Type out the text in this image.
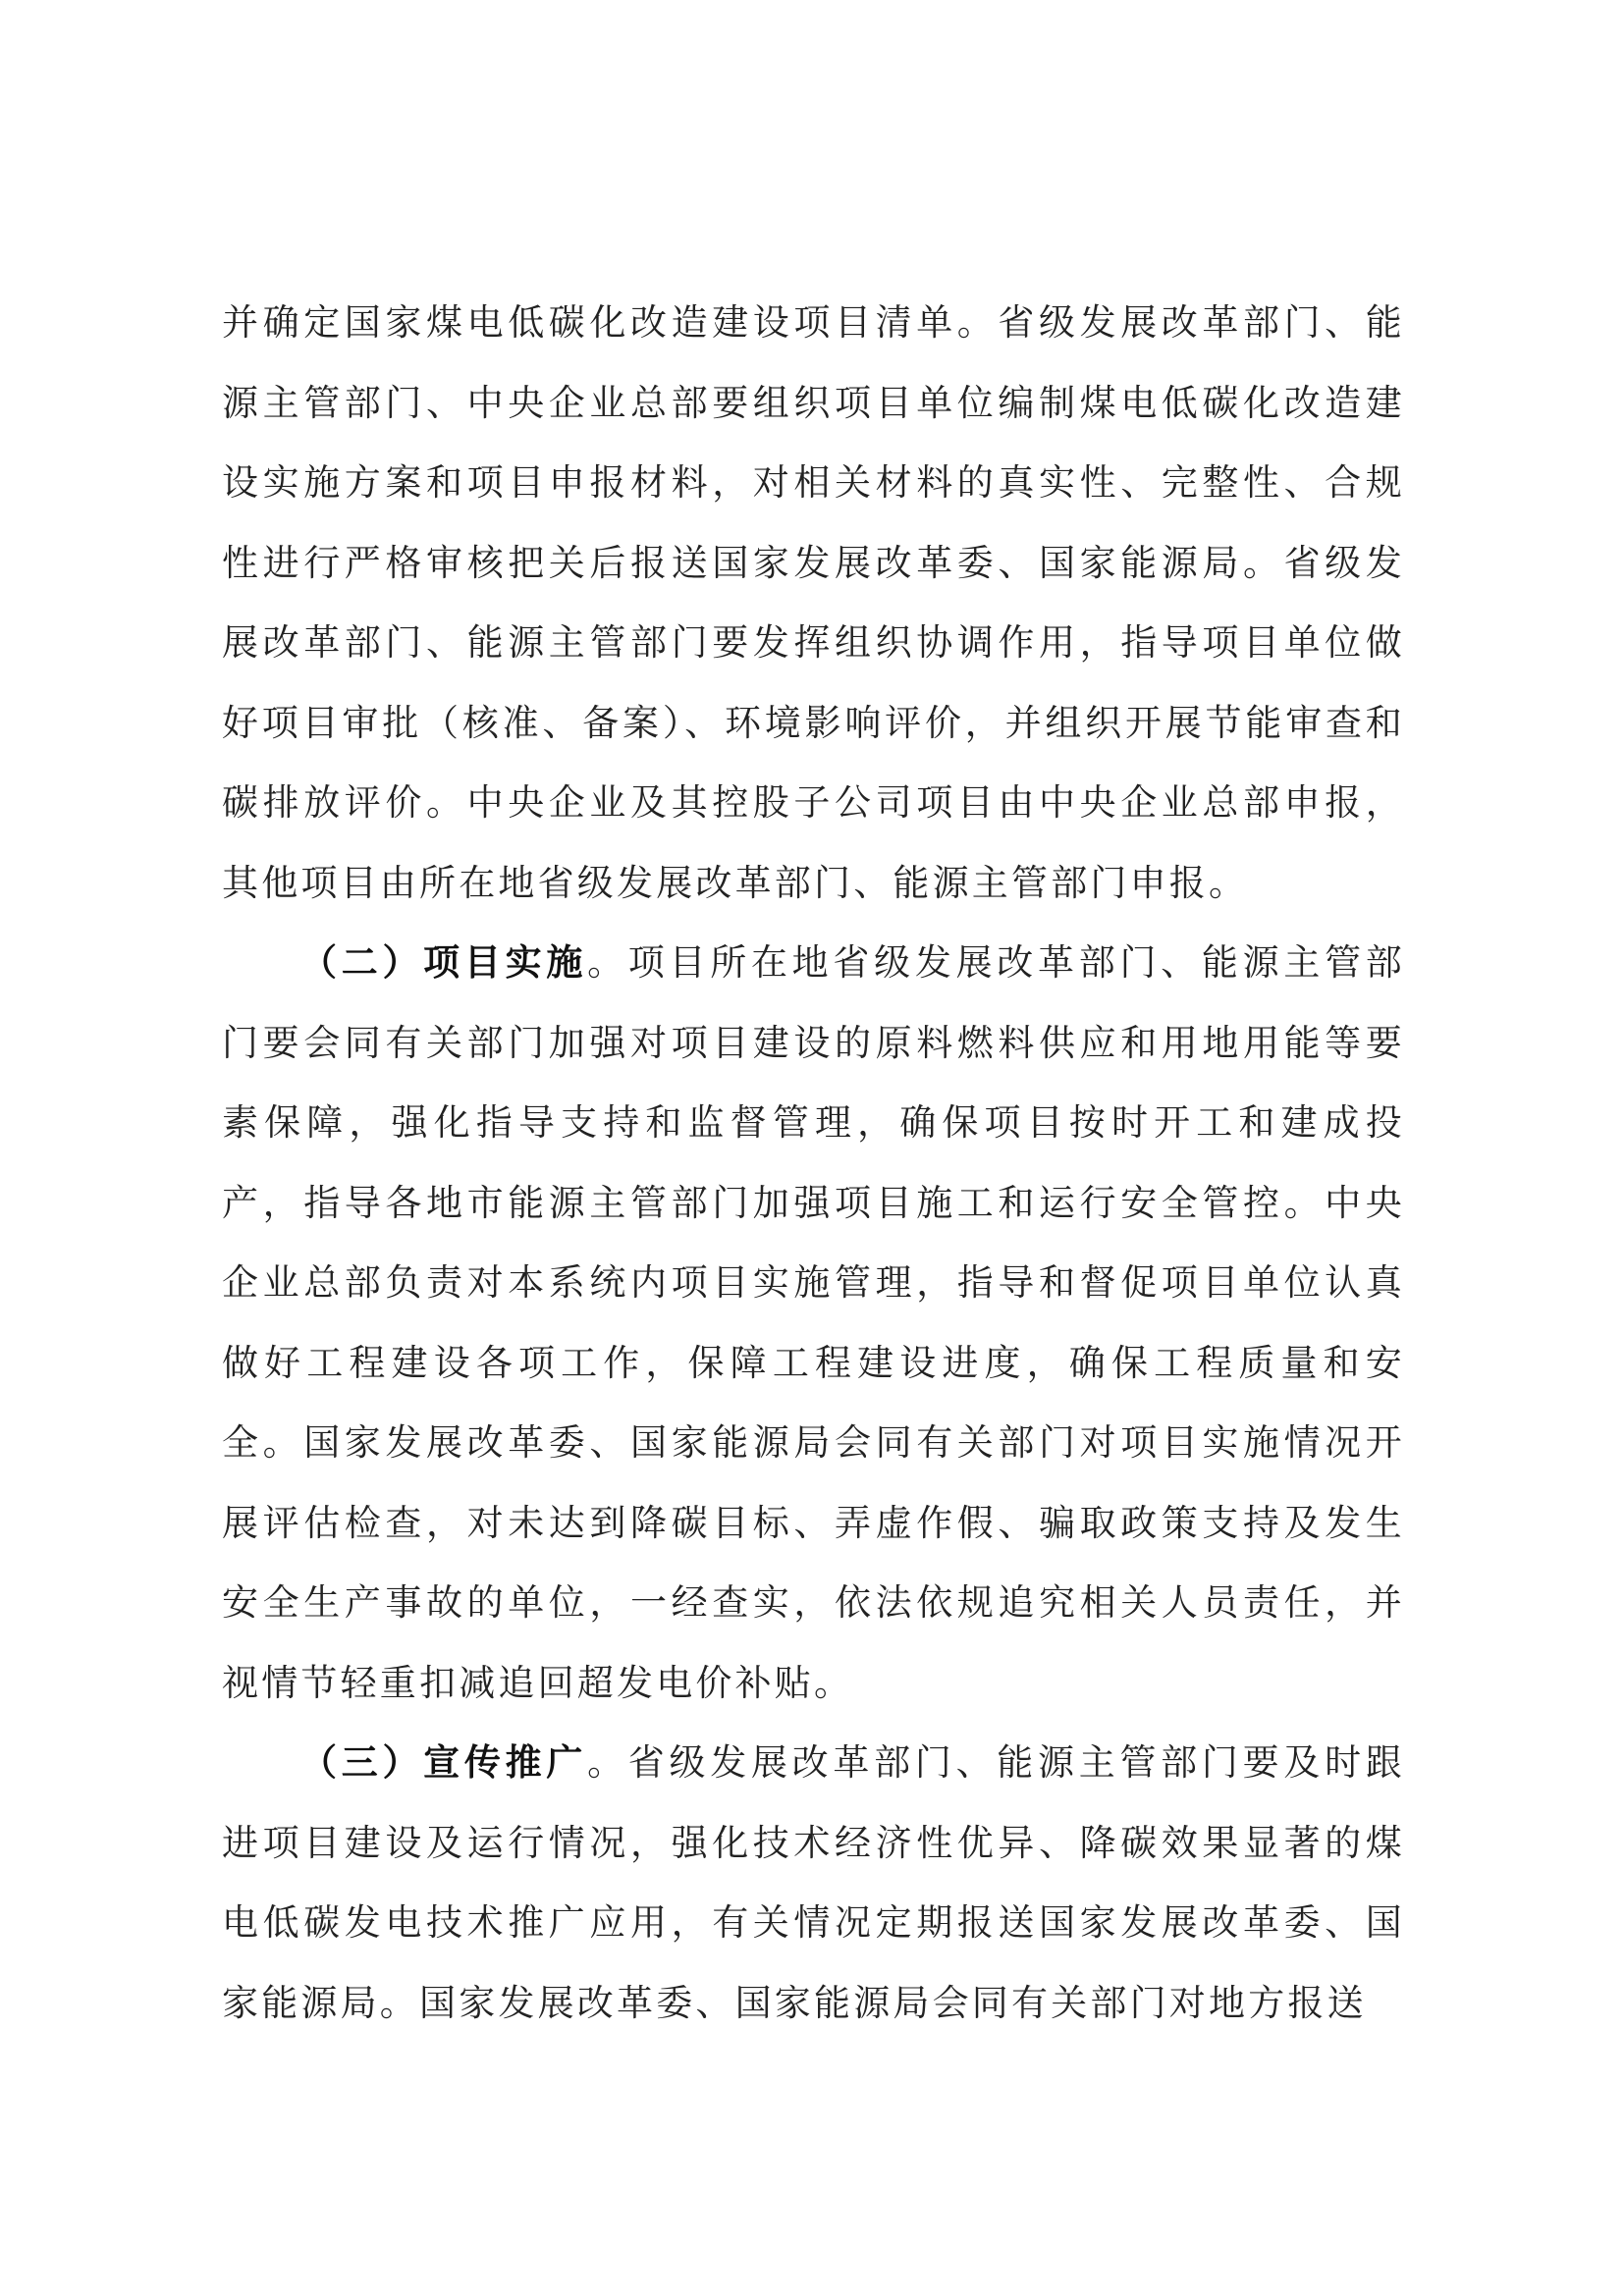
并确定国家煤电低碳化改造建设项目清单。省级发展改革部门、能源主管部门、中央企业总部要组织项目单位编制煤电低碳化改造建设实施方案和项目申报材料，对相关材料的真实性、完整性、合规性进行严格审核把关后报送国家发展改革委、国家能源局。省级发展改革部门、能源主管部门要发挥组织协调作用，指导项目单位做好项目审批（核准、备案）、环境影响评价，并组织开展节能审查和碳排放评价。中央企业及其控股子公司项目由中央企业总部申报，其他项目由所在地省级发展改革部门、能源主管部门申报。

（二）项目实施。项目所在地省级发展改革部门、能源主管部门要会同有关部门加强对项目建设的原料燃料供应和用地用能等要素保障，强化指导支持和监督管理，确保项目按时开工和建成投产，指导各地市能源主管部门加强项目施工和运行安全管控。中央企业总部负责对本系统内项目实施管理，指导和督促项目单位认真做好工程建设各项工作，保障工程建设进度，确保工程质量和安全。国家发展改革委、国家能源局会同有关部门对项目实施情况开展评估检查，对未达到降碳目标、弄虚作假、骗取政策支持及发生安全生产事故的单位，一经查实，依法依规追究相关人员责任，并视情节轻重扣减追回超发电价补贴。

（三）宣传推广。省级发展改革部门、能源主管部门要及时跟进项目建设及运行情况，强化技术经济性优异、降碳效果显著的煤电低碳发电技术推广应用，有关情况定期报送国家发展改革委、国家能源局。国家发展改革委、国家能源局会同有关部门对地方报送
